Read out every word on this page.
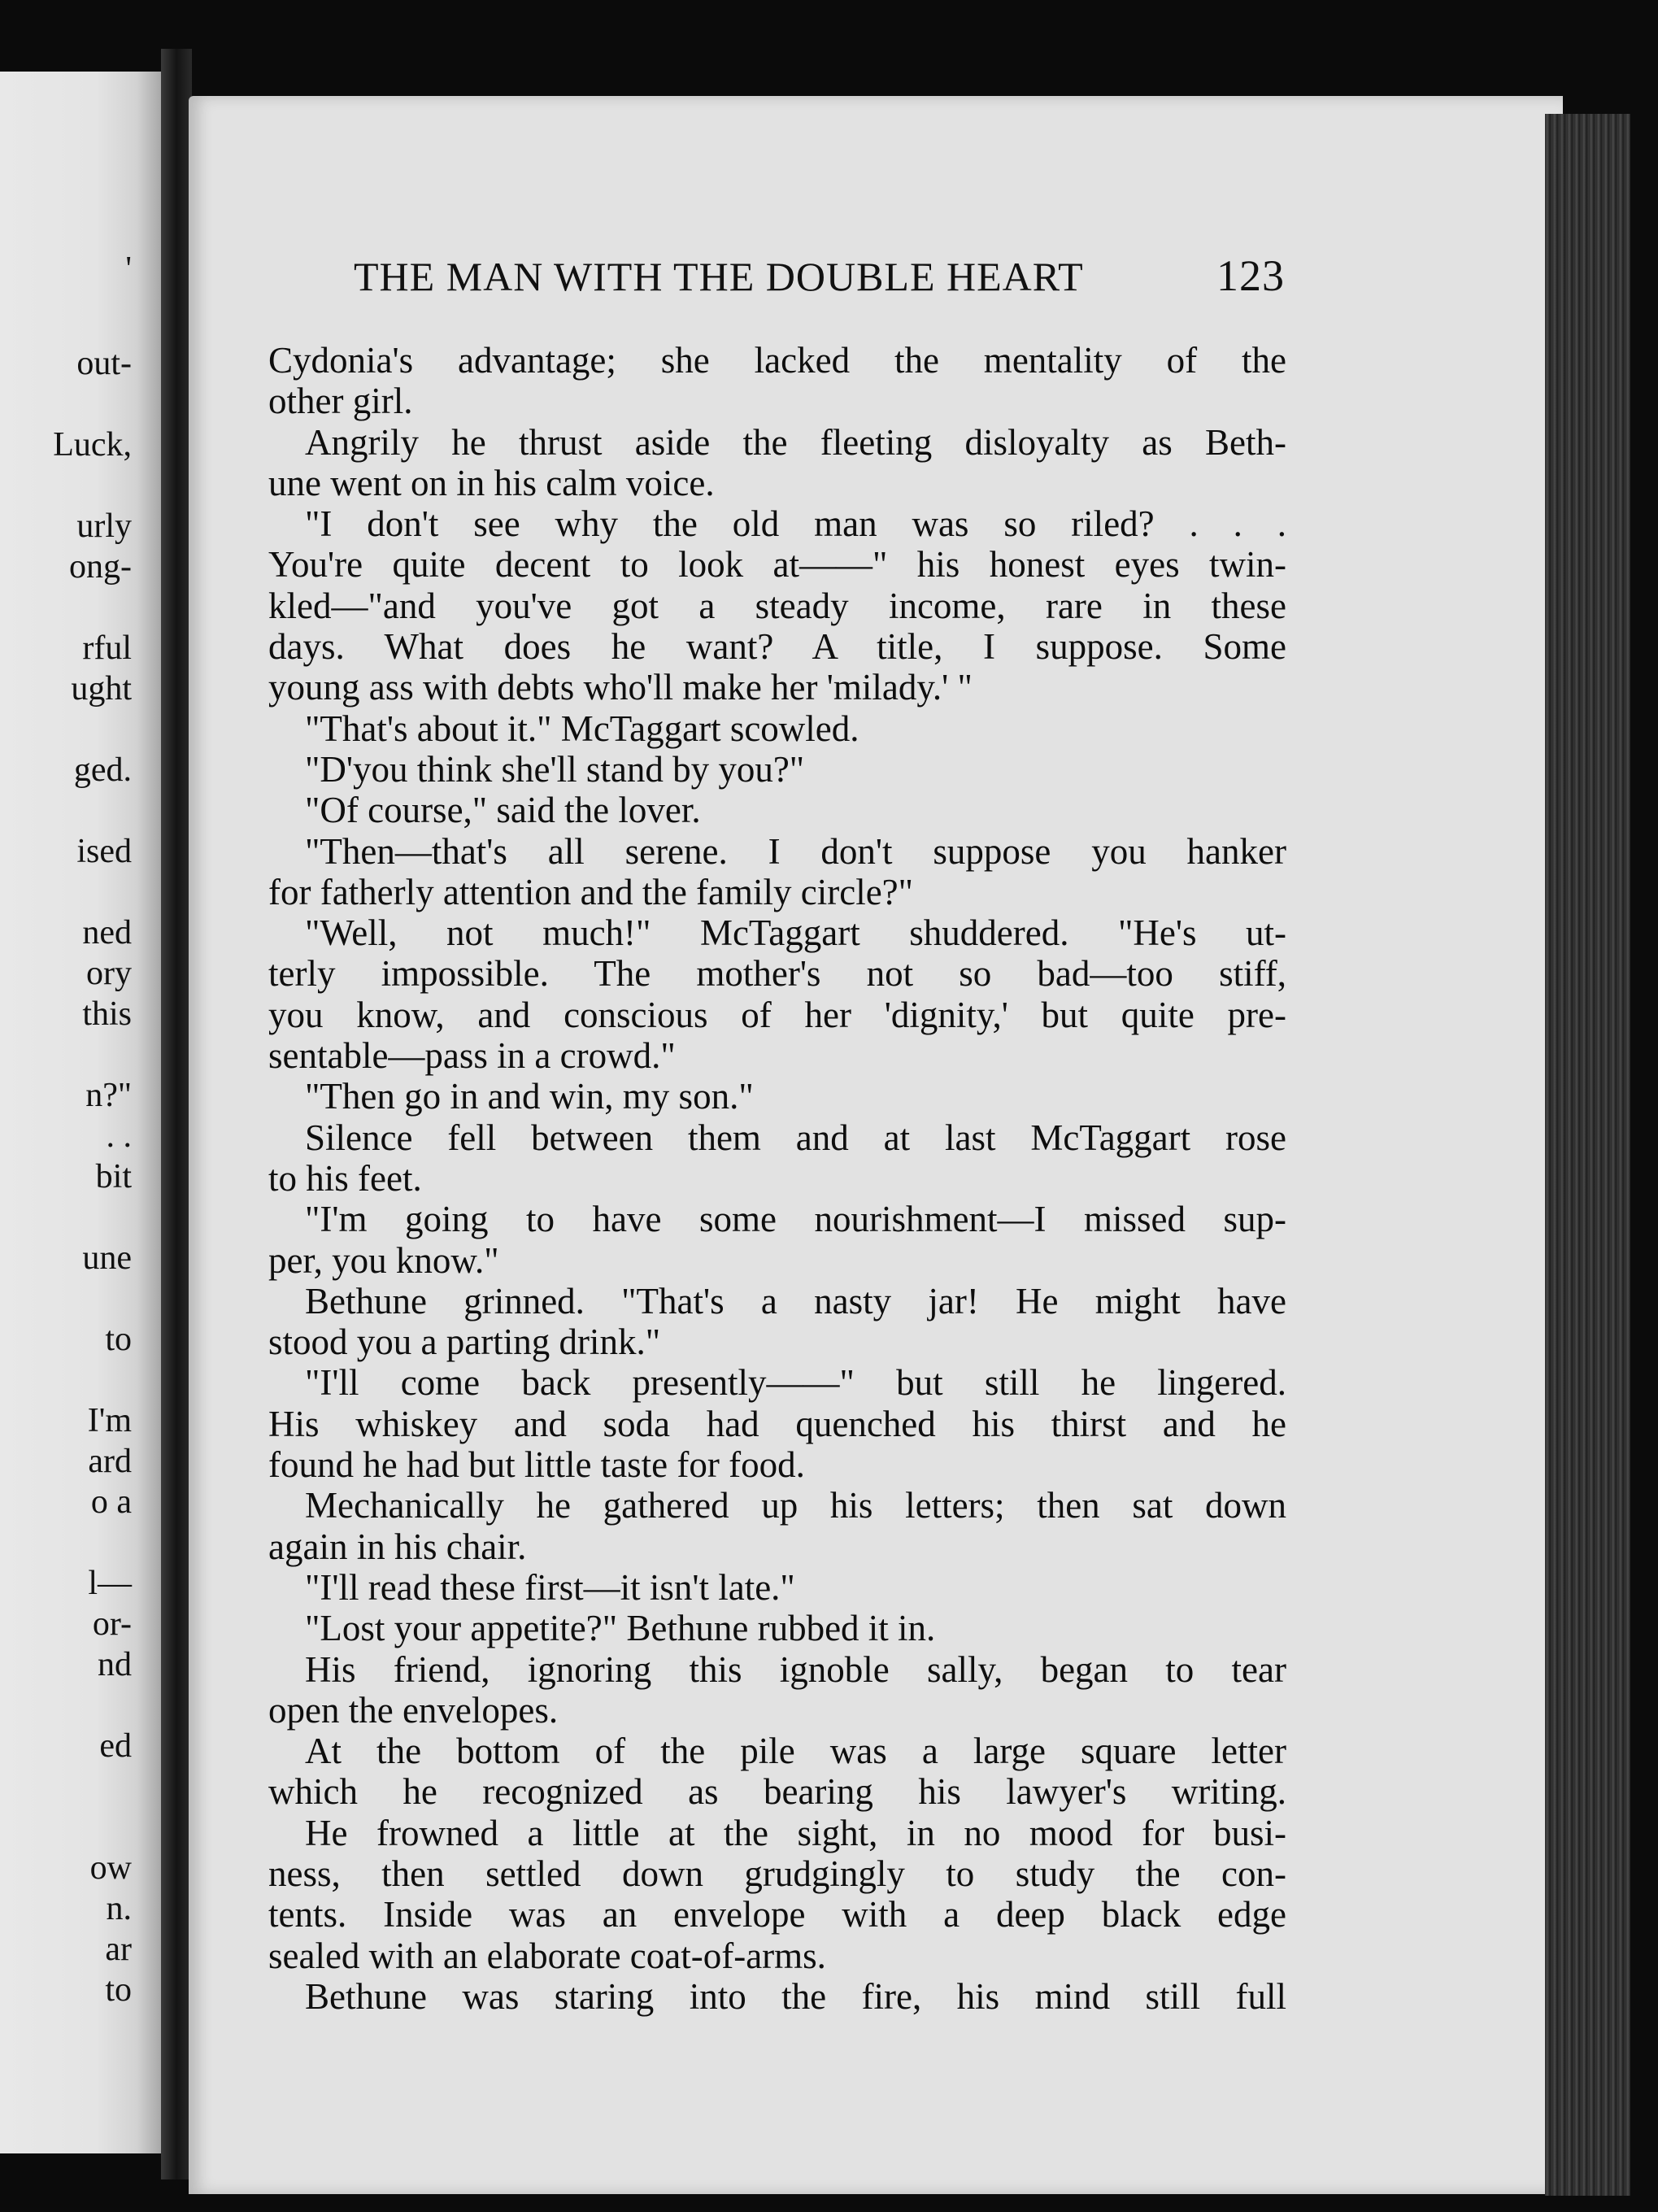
'
out-
Luck,
urly
ong-
rful
ught
ged.
ised
ned
ory
this
n?"
. .
bit
une
to
I'm
ard
o a
l—
or-
nd
ed
ow
n.
ar
to
THE MAN WITH THE DOUBLE HEART	123
Cydonia's advantage; she lacked the mentality of the
other girl.
Angrily he thrust aside the fleeting disloyalty as Beth-
une went on in his calm voice.
"I don't see why the old man was so riled? . . .
You're quite decent to look at——" his honest eyes twin-
kled—"and you've got a steady income, rare in these
days. What does he want? A title, I suppose. Some
young ass with debts who'll make her 'milady.' "
"That's about it." McTaggart scowled.
"D'you think she'll stand by you?"
"Of course," said the lover.
"Then—that's all serene. I don't suppose you hanker
for fatherly attention and the family circle?"
"Well, not much!" McTaggart shuddered. "He's ut-
terly impossible. The mother's not so bad—too stiff,
you know, and conscious of her 'dignity,' but quite pre-
sentable—pass in a crowd."
"Then go in and win, my son."
Silence fell between them and at last McTaggart rose
to his feet.
"I'm going to have some nourishment—I missed sup-
per, you know."
Bethune grinned. "That's a nasty jar! He might have
stood you a parting drink."
"I'll come back presently——" but still he lingered.
His whiskey and soda had quenched his thirst and he
found he had but little taste for food.
Mechanically he gathered up his letters; then sat down
again in his chair.
"I'll read these first—it isn't late."
"Lost your appetite?" Bethune rubbed it in.
His friend, ignoring this ignoble sally, began to tear
open the envelopes.
At the bottom of the pile was a large square letter
which he recognized as bearing his lawyer's writing.
He frowned a little at the sight, in no mood for busi-
ness, then settled down grudgingly to study the con-
tents. Inside was an envelope with a deep black edge
sealed with an elaborate coat-of-arms.
Bethune was staring into the fire, his mind still full
